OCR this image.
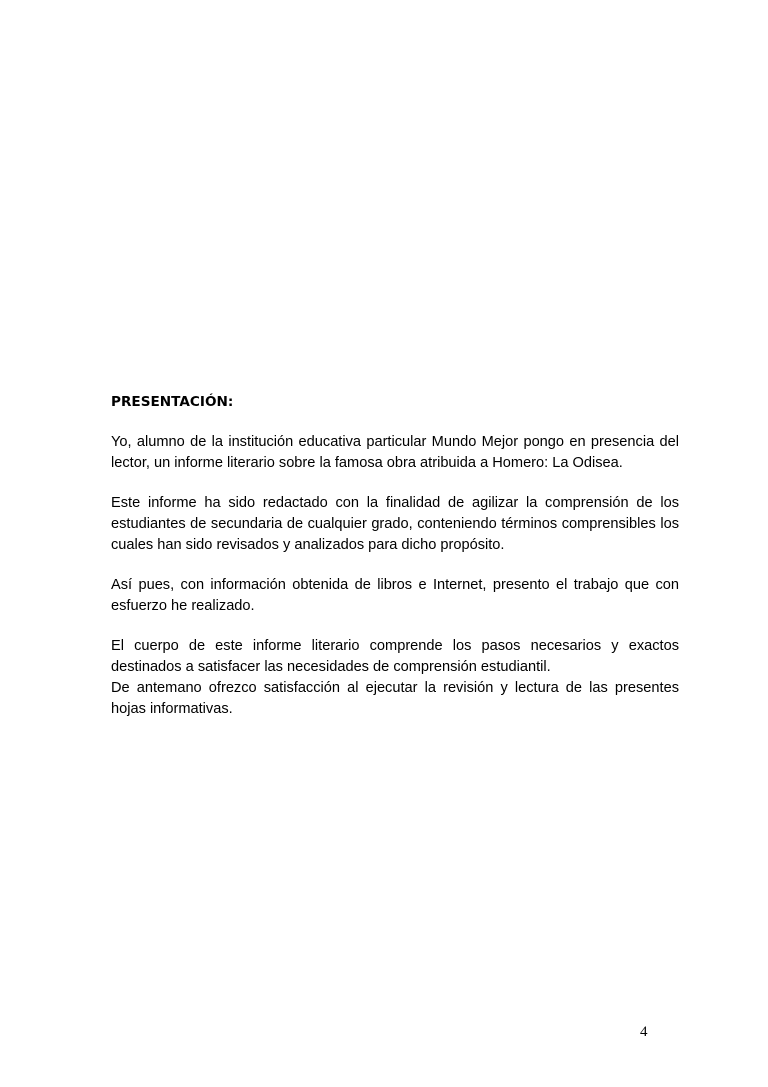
PRESENTACIÓN:

Yo, alumno de la institución educativa particular Mundo Mejor pongo en presencia del lector, un informe literario sobre la famosa obra atribuida a Homero: La Odisea.

Este informe ha sido redactado con la finalidad de agilizar la comprensión de los estudiantes de secundaria de cualquier grado, conteniendo términos comprensibles los cuales han sido revisados y analizados para dicho propósito.

Así pues, con información obtenida de libros e Internet, presento el trabajo que con esfuerzo he realizado.

El cuerpo de este informe literario comprende los pasos necesarios y exactos destinados a satisfacer las necesidades de comprensión estudiantil.

De antemano ofrezco satisfacción al ejecutar la revisión y lectura de las presentes hojas informativas.

4
